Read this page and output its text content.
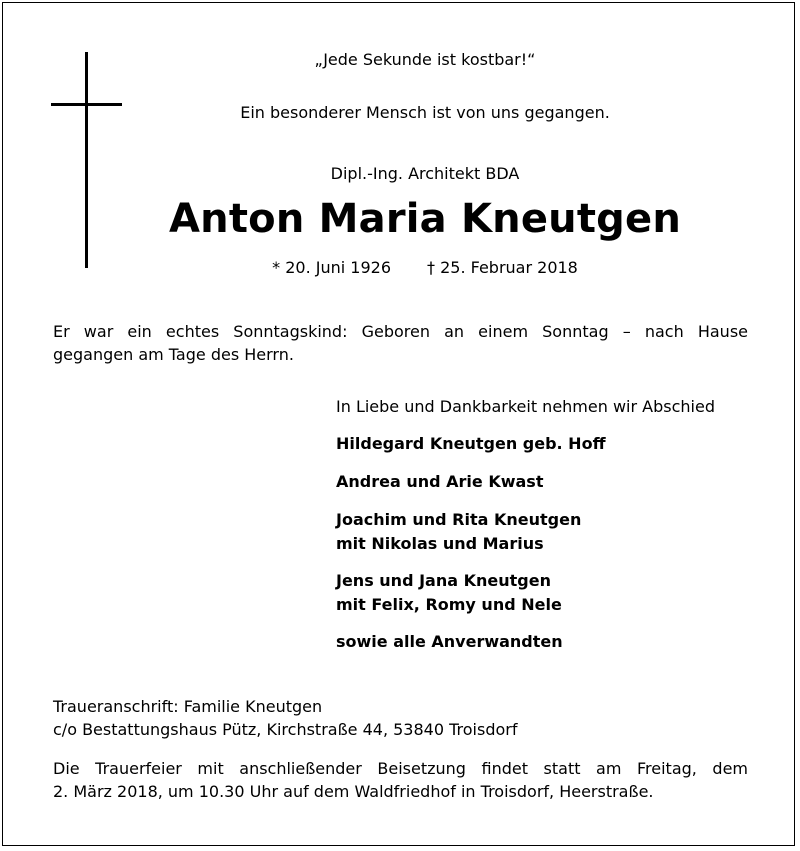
„Jede Sekunde ist kostbar!“
Ein besonderer Mensch ist von uns gegangen.
Dipl.-Ing. Architekt BDA
Anton Maria Kneutgen
* 20. Juni 1926 † 25. Februar 2018
Er war ein echtes Sonntagskind: Geboren an einem Sonntag – nach Hause
gegangen am Tage des Herrn.
In Liebe und Dankbarkeit nehmen wir Abschied
Hildegard Kneutgen geb. Hoff
Andrea und Arie Kwast
Joachim und Rita Kneutgen
mit Nikolas und Marius
Jens und Jana Kneutgen
mit Felix, Romy und Nele
sowie alle Anverwandten
Traueranschrift: Familie Kneutgen
c/o Bestattungshaus Pütz, Kirchstraße 44, 53840 Troisdorf
Die Trauerfeier mit anschließender Beisetzung findet statt am Freitag, dem
2. März 2018, um 10.30 Uhr auf dem Waldfriedhof in Troisdorf, Heerstraße.
